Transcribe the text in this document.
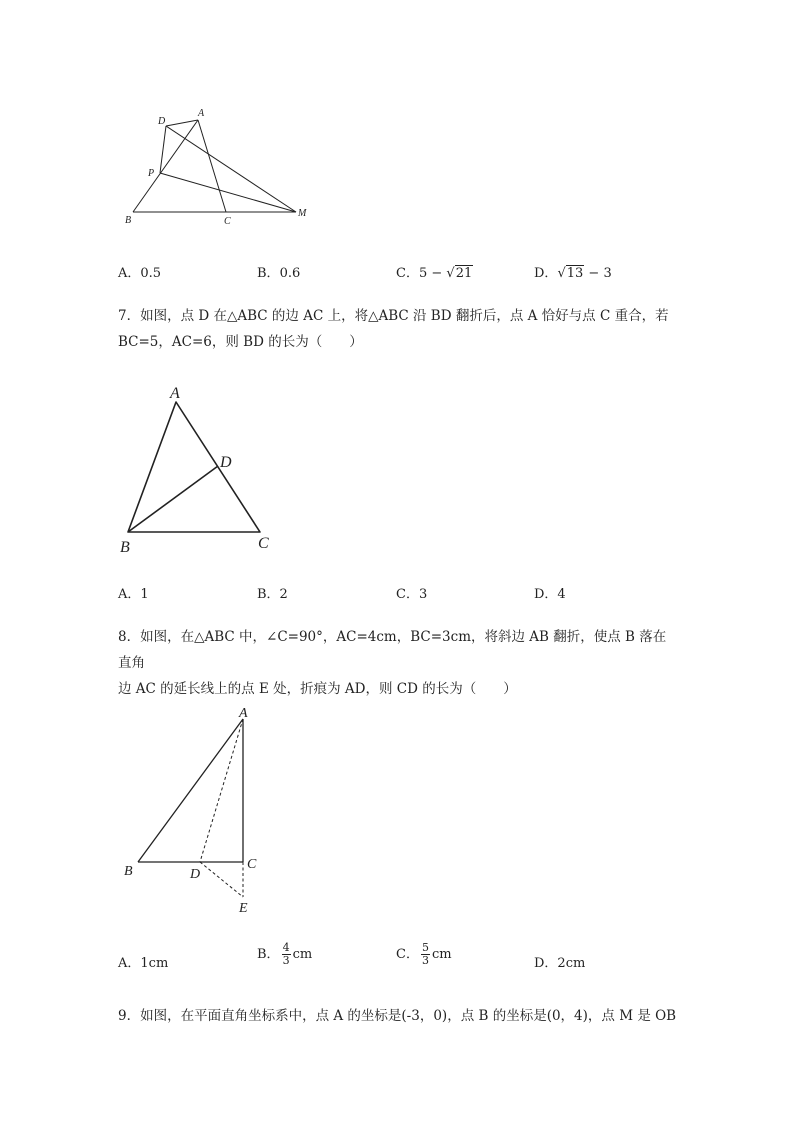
A
D
P
B	C
M
A．0.5	B．0.6	C．5 − √21	D．√13 − 3
7．如图，点 D 在△ABC 的边 AC 上，将△ABC 沿 BD 翻折后，点 A 恰好与点 C 重合，若
BC=5，AC=6，则 BD 的长为（　　）
A
D
B	C
A．1	B．2	C．3	D．4
8．如图，在△ABC 中，∠C=90°，AC=4cm，BC=3cm，将斜边 AB 翻折，使点 B 落在直角
边 AC 的延长线上的点 E 处，折痕为 AD，则 CD 的长为（　　）
A
B	D
C
E
A．1cm
B． $\frac{4}{3}$ cm	C． $\frac{5}{3}$ cm
D．2cm
9．如图，在平面直角坐标系中，点 A 的坐标是(-3，0)，点 B 的坐标是(0，4)，点 M 是 OB
